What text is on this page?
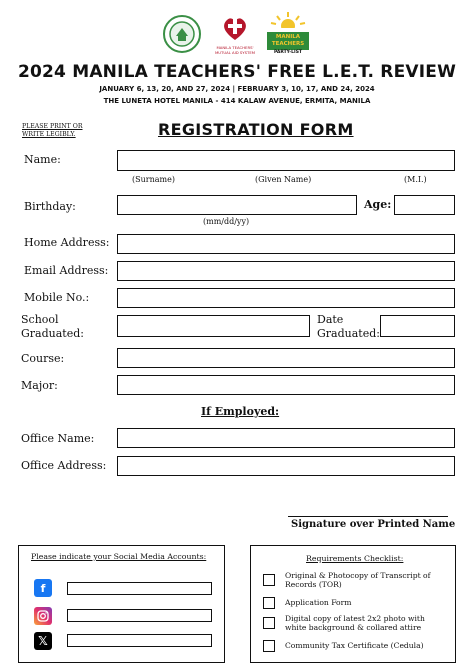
MANILA TEACHERS' MUTUAL AID SYSTEM
MANILA TEACHERS
PARTY-LIST
2024 MANILA TEACHERS' FREE L.E.T. REVIEW
JANUARY 6, 13, 20, AND 27, 2024 | FEBRUARY 3, 10, 17, AND 24, 2024
THE LUNETA HOTEL MANILA - 414 KALAW AVENUE, ERMITA, MANILA
PLEASE PRINT OR WRITE LEGIBLY.	REGISTRATION FORM
Name:
(Surname)	(Given Name)	(M.I.)
Birthday:
(mm/dd/yy)
Age:
Home Address:
Email Address:
Mobile No.:
School
Graduated:
Date
Graduated:
Course:
Major:
If Employed:
Office Name:
Office Address:
Signature over Printed Name
Please indicate your Social Media Accounts:
f
𝕏
Requirements Checklist:
Original & Photocopy of Transcript of Records (TOR)
Application Form
Digital copy of latest 2x2 photo with white background & collared attire
Community Tax Certificate (Cedula)
